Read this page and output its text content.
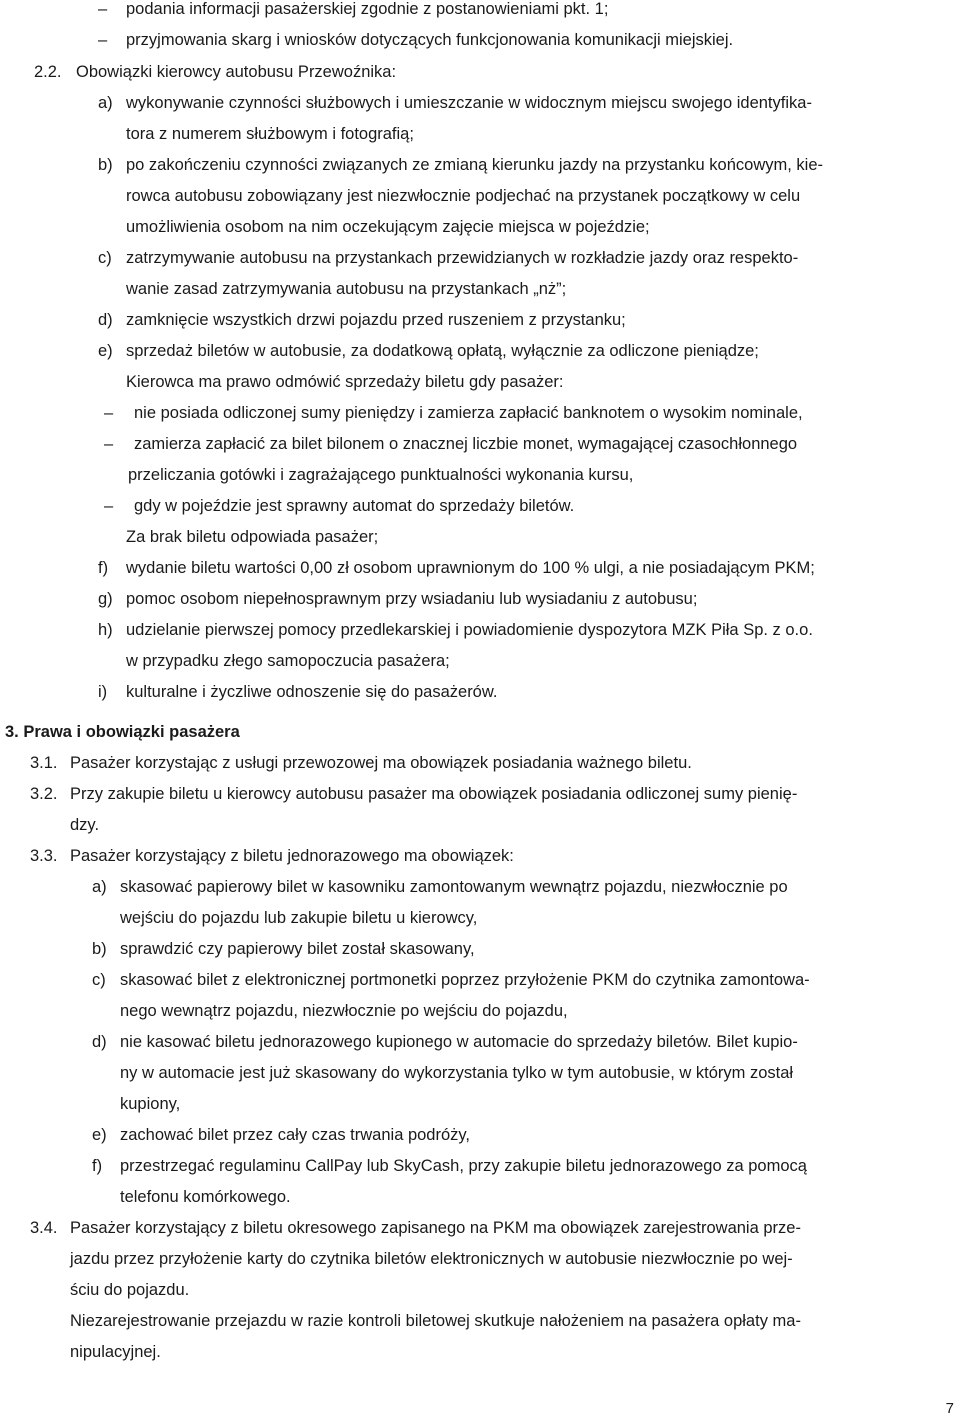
– podania informacji pasażerskiej zgodnie z postanowieniami pkt. 1;
– przyjmowania skarg i wniosków dotyczących funkcjonowania komunikacji miejskiej.
2.2. Obowiązki kierowcy autobusu Przewoźnika:
a) wykonywanie czynności służbowych i umieszczanie w widocznym miejscu swojego identyfika-
tora z numerem służbowym i fotografią;
b) po zakończeniu czynności związanych ze zmianą kierunku jazdy na przystanku końcowym, kie-
rowca autobusu zobowiązany jest niezwłocznie podjechać na przystanek początkowy w celu
umożliwienia osobom na nim oczekującym zajęcie miejsca w pojeździe;
c) zatrzymywanie autobusu na przystankach przewidzianych w rozkładzie jazdy oraz respekto-
wanie zasad zatrzymywania autobusu na przystankach „nż”;
d) zamknięcie wszystkich drzwi pojazdu przed ruszeniem z przystanku;
e) sprzedaż biletów w autobusie, za dodatkową opłatą, wyłącznie za odliczone pieniądze;
Kierowca ma prawo odmówić sprzedaży biletu gdy pasażer:
– nie posiada odliczonej sumy pieniędzy i zamierza zapłacić banknotem o wysokim nominale,
– zamierza zapłacić za bilet bilonem o znacznej liczbie monet, wymagającej czasochłonnego
przeliczania gotówki i zagrażającego punktualności wykonania kursu,
– gdy w pojeździe jest sprawny automat do sprzedaży biletów.
Za brak biletu odpowiada pasażer;
f) wydanie biletu wartości 0,00 zł osobom uprawnionym do 100 % ulgi, a nie posiadającym PKM;
g) pomoc osobom niepełnosprawnym przy wsiadaniu lub wysiadaniu z autobusu;
h) udzielanie pierwszej pomocy przedlekarskiej i powiadomienie dyspozytora MZK Piła Sp. z o.o.
w przypadku złego samopoczucia pasażera;
i) kulturalne i życzliwe odnoszenie się do pasażerów.
3. Prawa i obowiązki pasażera
3.1. Pasażer korzystając z usługi przewozowej ma obowiązek posiadania ważnego biletu.
3.2. Przy zakupie biletu u kierowcy autobusu pasażer ma obowiązek posiadania odliczonej sumy pienię-
dzy.
3.3. Pasażer korzystający z biletu jednorazowego ma obowiązek:
a) skasować papierowy bilet w kasowniku zamontowanym wewnątrz pojazdu, niezwłocznie po
wejściu do pojazdu lub zakupie biletu u kierowcy,
b) sprawdzić czy papierowy bilet został skasowany,
c) skasować bilet z elektronicznej portmonetki poprzez przyłożenie PKM do czytnika zamontowa-
nego wewnątrz pojazdu, niezwłocznie po wejściu do pojazdu,
d) nie kasować biletu jednorazowego kupionego w automacie do sprzedaży biletów. Bilet kupio-
ny w automacie jest już skasowany do wykorzystania tylko w tym autobusie, w którym został
kupiony,
e) zachować bilet przez cały czas trwania podróży,
f) przestrzegać regulaminu CallPay lub SkyCash, przy zakupie biletu jednorazowego za pomocą
telefonu komórkowego.
3.4. Pasażer korzystający z biletu okresowego zapisanego na PKM ma obowiązek zarejestrowania prze-
jazdu przez przyłożenie karty do czytnika biletów elektronicznych w autobusie niezwłocznie po wej-
ściu do pojazdu.
Niezarejestrowanie przejazdu w razie kontroli biletowej skutkuje nałożeniem na pasażera opłaty ma-
nipulacyjnej.
7
